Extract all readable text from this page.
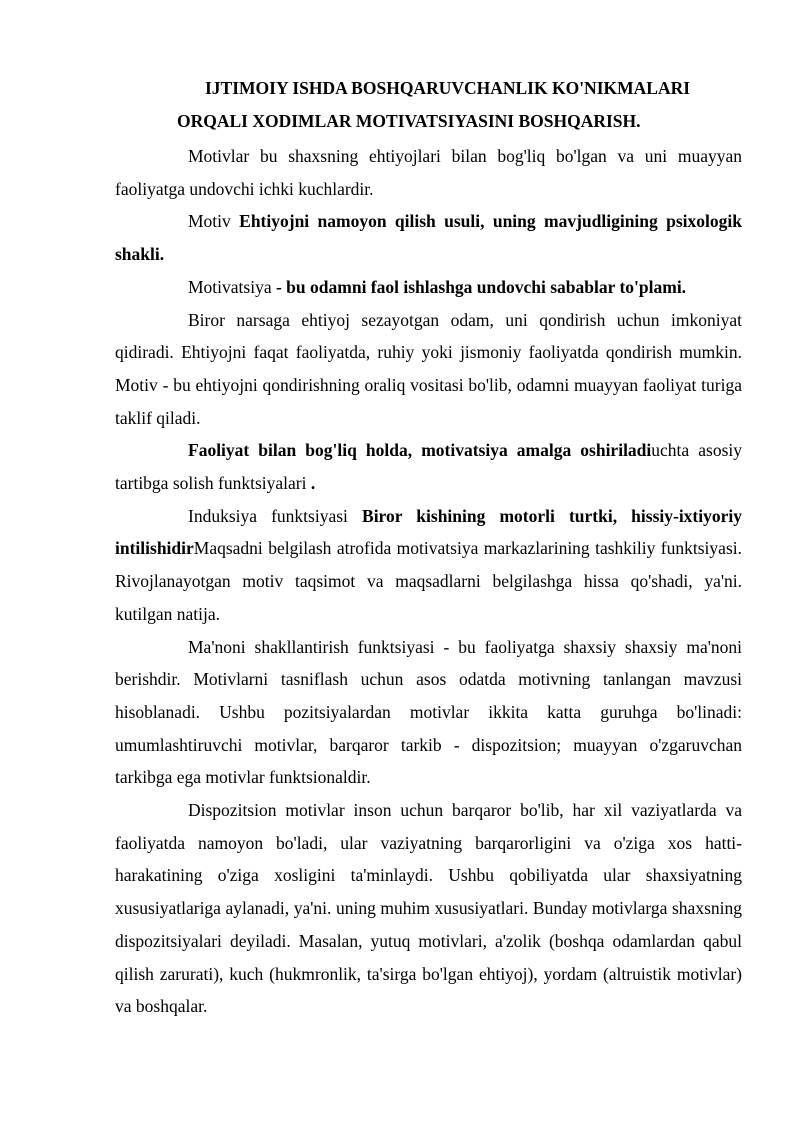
IJTIMOIY ISHDA BOSHQARUVCHANLIK KO'NIKMALARI
ORQALI XODIMLAR MOTIVATSIYASINI BOSHQARISH.

Motivlar bu shaxsning ehtiyojlari bilan bog'liq bo'lgan va uni muayyan faoliyatga undovchi ichki kuchlardir.

Motiv Ehtiyojni namoyon qilish usuli, uning mavjudligining psixologik shakli.

Motivatsiya - bu odamni faol ishlashga undovchi sabablar to'plami.

Biror narsaga ehtiyoj sezayotgan odam, uni qondirish uchun imkoniyat qidiradi. Ehtiyojni faqat faoliyatda, ruhiy yoki jismoniy faoliyatda qondirish mumkin. Motiv - bu ehtiyojni qondirishning oraliq vositasi bo'lib, odamni muayyan faoliyat turiga taklif qiladi.

Faoliyat bilan bog'liq holda, motivatsiya amalga oshiriladiuchta asosiy tartibga solish funktsiyalari .

Induksiya funktsiyasi Biror kishining motorli turtki, hissiy-ixtiyoriy intilishidirMaqsadni belgilash atrofida motivatsiya markazlarining tashkiliy funktsiyasi. Rivojlanayotgan motiv taqsimot va maqsadlarni belgilashga hissa qo'shadi, ya'ni. kutilgan natija.

Ma'noni shakllantirish funktsiyasi - bu faoliyatga shaxsiy shaxsiy ma'noni berishdir. Motivlarni tasniflash uchun asos odatda motivning tanlangan mavzusi hisoblanadi. Ushbu pozitsiyalardan motivlar ikkita katta guruhga bo'linadi: umumlashtiruvchi motivlar, barqaror tarkib - dispozitsion; muayyan o'zgaruvchan tarkibga ega motivlar funktsionaldir.

Dispozitsion motivlar inson uchun barqaror bo'lib, har xil vaziyatlarda va faoliyatda namoyon bo'ladi, ular vaziyatning barqarorligini va o'ziga xos hatti-harakatining o'ziga xosligini ta'minlaydi. Ushbu qobiliyatda ular shaxsiyatning xususiyatlariga aylanadi, ya'ni. uning muhim xususiyatlari. Bunday motivlarga shaxsning dispozitsiyalari deyiladi. Masalan, yutuq motivlari, a'zolik (boshqa odamlardan qabul qilish zarurati), kuch (hukmronlik, ta'sirga bo'lgan ehtiyoj), yordam (altruistik motivlar) va boshqalar.
